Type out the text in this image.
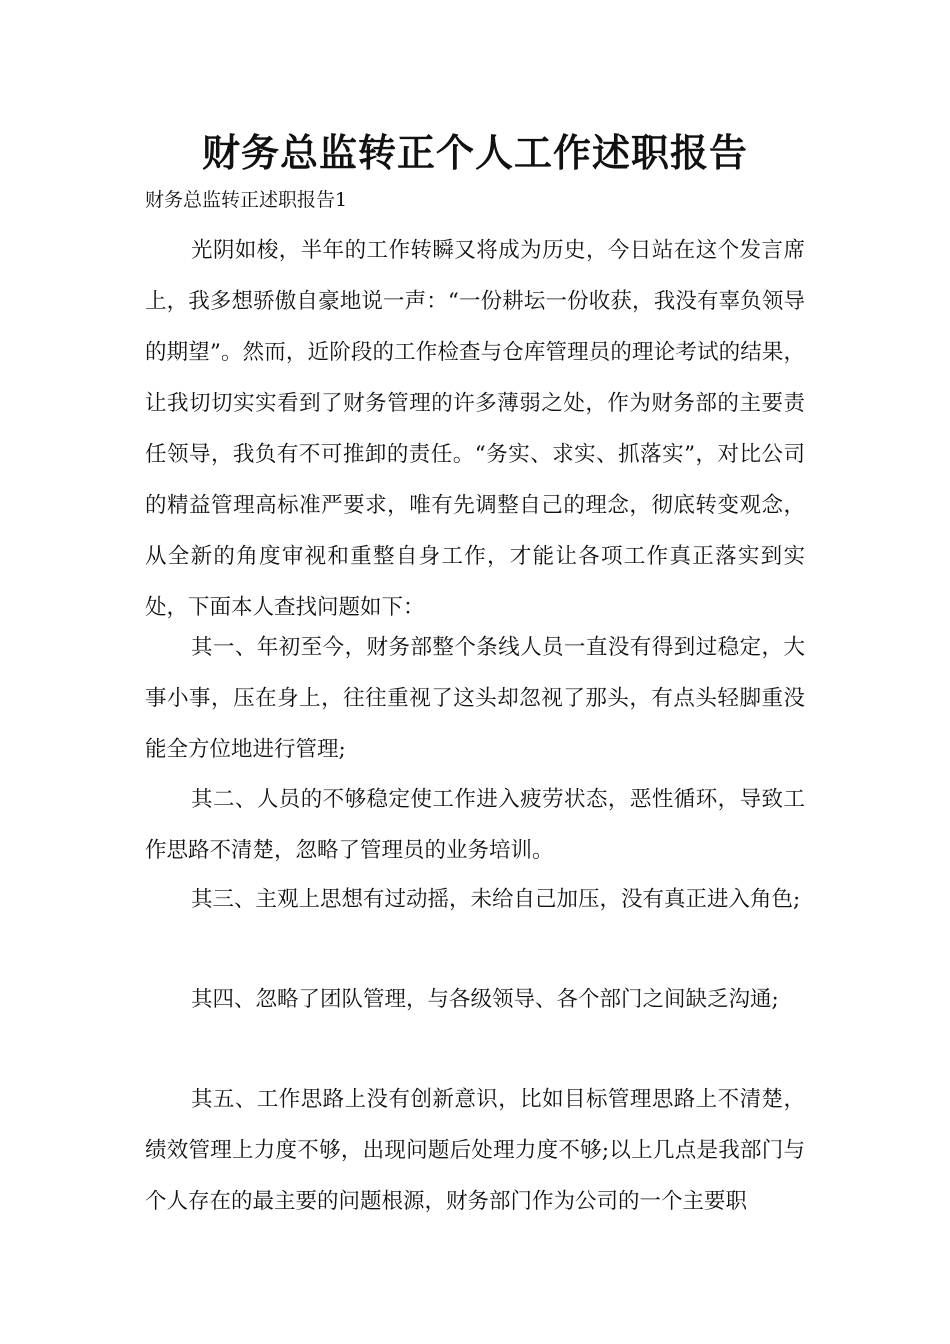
财务总监转正个人工作述职报告

财务总监转正述职报告1

光阴如梭，半年的工作转瞬又将成为历史，今日站在这个发言席上，我多想骄傲自豪地说一声：“一份耕坛一份收获，我没有辜负领导的期望”。然而，近阶段的工作检查与仓库管理员的理论考试的结果，让我切切实实看到了财务管理的许多薄弱之处，作为财务部的主要责任领导，我负有不可推卸的责任。“务实、求实、抓落实”，对比公司的精益管理高标准严要求，唯有先调整自己的理念，彻底转变观念，从全新的角度审视和重整自身工作，才能让各项工作真正落实到实处，下面本人查找问题如下：

其一、年初至今，财务部整个条线人员一直没有得到过稳定，大事小事，压在身上，往往重视了这头却忽视了那头，有点头轻脚重没能全方位地进行管理;

其二、人员的不够稳定使工作进入疲劳状态，恶性循环，导致工作思路不清楚，忽略了管理员的业务培训。

其三、主观上思想有过动摇，未给自己加压，没有真正进入角色;

其四、忽略了团队管理，与各级领导、各个部门之间缺乏沟通;

其五、工作思路上没有创新意识，比如目标管理思路上不清楚，绩效管理上力度不够，出现问题后处理力度不够;以上几点是我部门与个人存在的最主要的问题根源，财务部门作为公司的一个主要职
